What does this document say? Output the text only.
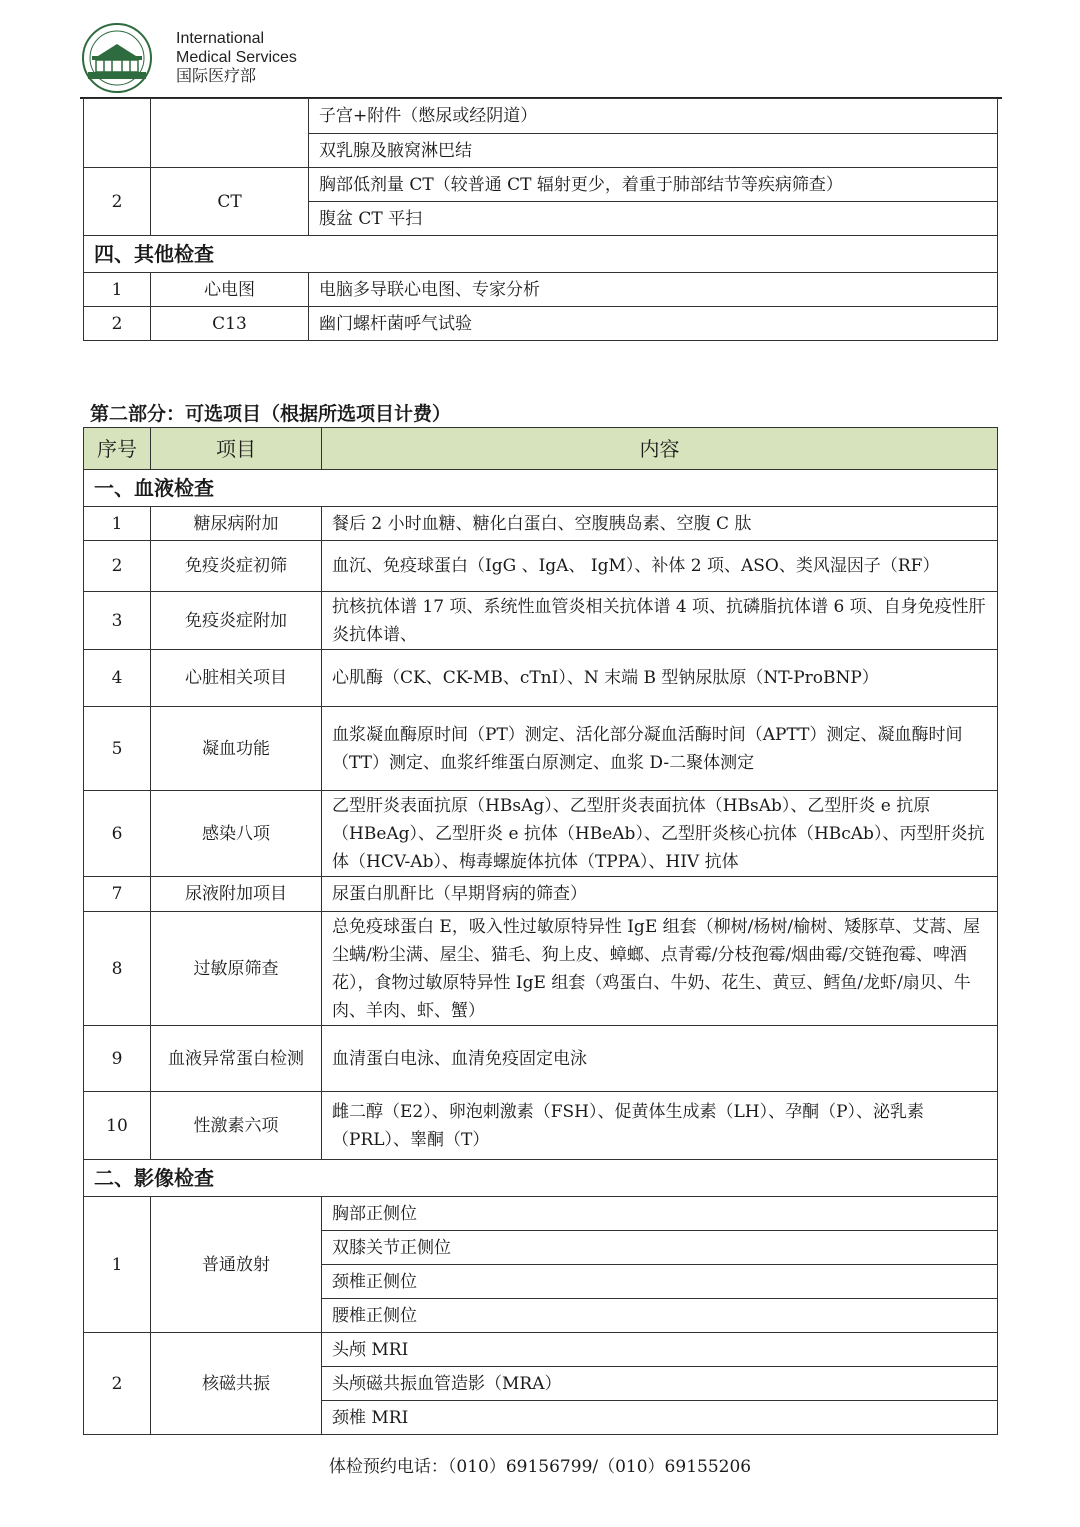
International
Medical Services
国际医疗部
		子宫+附件（憋尿或经阴道）
		双乳腺及腋窝淋巴结
2	CT	胸部低剂量 CT（较普通 CT 辐射更少，着重于肺部结节等疾病筛查）
		腹盆 CT 平扫
四、其他检查		
1	心电图	电脑多导联心电图、专家分析
2	C13	幽门螺杆菌呼气试验
第二部分：可选项目（根据所选项目计费）
序号	项目	内容
一、血液检查		
1	糖尿病附加	餐后 2 小时血糖、糖化白蛋白、空腹胰岛素、空腹 C 肽
2	免疫炎症初筛	血沉、免疫球蛋白（IgG 、IgA、 IgM）、补体 2 项、ASO、类风湿因子（RF）
3	免疫炎症附加	抗核抗体谱 17 项、系统性血管炎相关抗体谱 4 项、抗磷脂抗体谱 6 项、自身免疫性肝炎抗体谱、
4	心脏相关项目	心肌酶（CK、CK-MB、cTnI）、N 末端 B 型钠尿肽原（NT-ProBNP）
5	凝血功能	血浆凝血酶原时间（PT）测定、活化部分凝血活酶时间（APTT）测定、凝血酶时间（TT）测定、血浆纤维蛋白原测定、血浆 D-二聚体测定
6	感染八项	乙型肝炎表面抗原（HBsAg）、乙型肝炎表面抗体（HBsAb）、乙型肝炎 e 抗原（HBeAg）、乙型肝炎 e 抗体（HBeAb）、乙型肝炎核心抗体（HBcAb）、丙型肝炎抗体（HCV-Ab）、梅毒螺旋体抗体（TPPA）、HIV 抗体
7	尿液附加项目	尿蛋白肌酐比（早期肾病的筛查）
8	过敏原筛查	总免疫球蛋白 E，吸入性过敏原特异性 IgE 组套（柳树/杨树/榆树、矮豚草、艾蒿、屋尘螨/粉尘满、屋尘、猫毛、狗上皮、蟑螂、点青霉/分枝孢霉/烟曲霉/交链孢霉、啤酒花），食物过敏原特异性 IgE 组套（鸡蛋白、牛奶、花生、黄豆、鳕鱼/龙虾/扇贝、牛肉、羊肉、虾、蟹）
9	血液异常蛋白检测	血清蛋白电泳、血清免疫固定电泳
10	性激素六项	雌二醇（E2）、卵泡刺激素（FSH）、促黄体生成素（LH）、孕酮（P）、泌乳素（PRL）、睾酮（T）
二、影像检查		
1	普通放射	胸部正侧位
		双膝关节正侧位
		颈椎正侧位
		腰椎正侧位
2	核磁共振	头颅 MRI
		头颅磁共振血管造影（MRA）
		颈椎 MRI
体检预约电话：（010）69156799/（010）69155206
